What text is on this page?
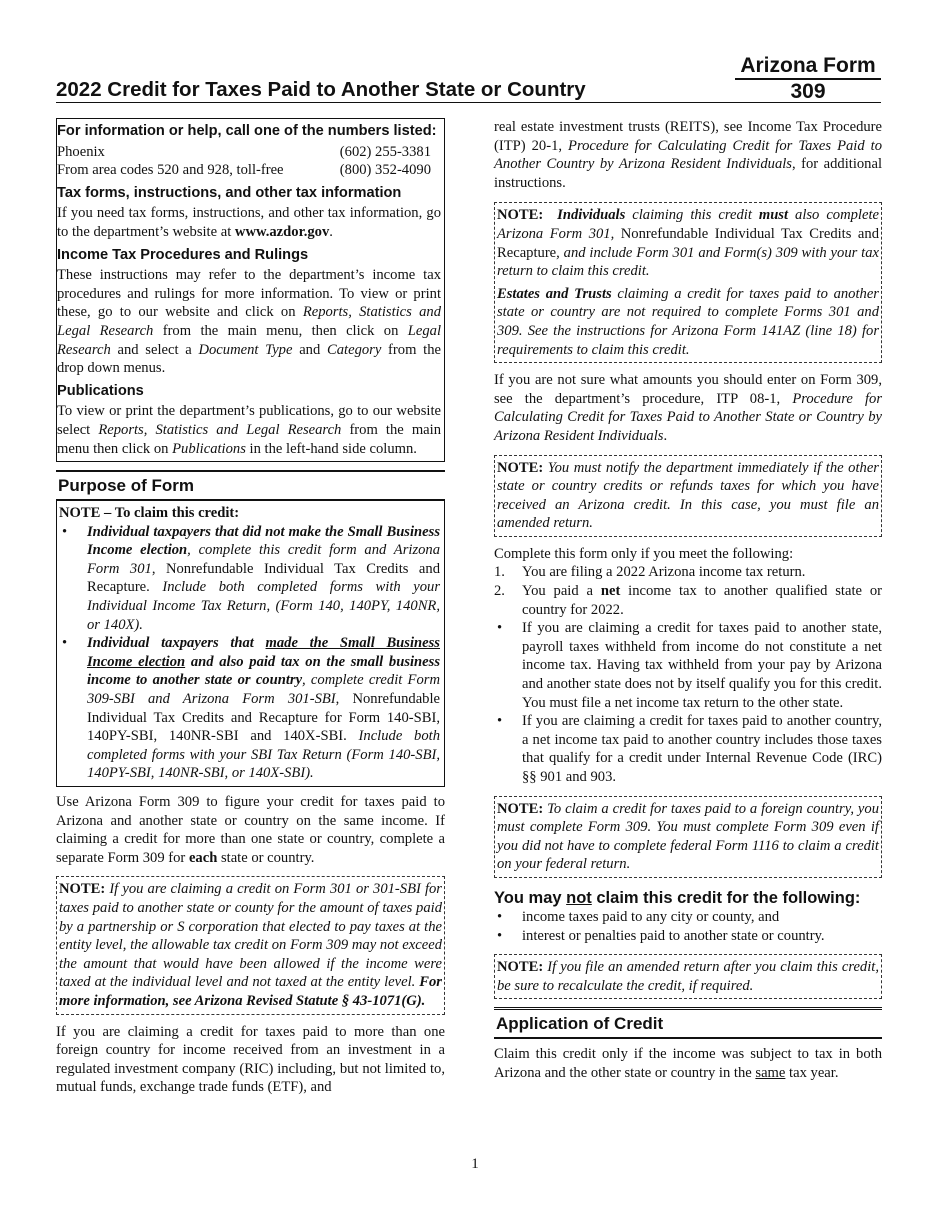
Arizona Form
309
2022 Credit for Taxes Paid to Another State or Country
For information or help, call one of the numbers listed:
Phoenix	(602) 255-3381
From area codes 520 and 928, toll-free	(800) 352-4090
Tax forms, instructions, and other tax information

If you need tax forms, instructions, and other tax information, go to the department’s website at www.azdor.gov.

Income Tax Procedures and Rulings

These instructions may refer to the department’s income tax procedures and rulings for more information. To view or print these, go to our website and click on Reports, Statistics and Legal Research from the main menu, then click on Legal Research and select a Document Type and Category from the drop down menus.

Publications

To view or print the department’s publications, go to our website select Reports, Statistics and Legal Research from the main menu then click on Publications in the left-hand side column.

Purpose of Form

NOTE – To claim this credit:

• Individual taxpayers that did not make the Small Business Income election, complete this credit form and Arizona Form 301, Nonrefundable Individual Tax Credits and Recapture. Include both completed forms with your Individual Income Tax Return, (Form 140, 140PY, 140NR, or 140X).
• Individual taxpayers that made the Small Business Income election and also paid tax on the small business income to another state or country, complete credit Form 309-SBI and Arizona Form 301-SBI, Nonrefundable Individual Tax Credits and Recapture for Form 140-SBI, 140PY-SBI, 140NR-SBI and 140X-SBI. Include both completed forms with your SBI Tax Return (Form 140-SBI, 140PY-SBI, 140NR-SBI, or 140X-SBI).

Use Arizona Form 309 to figure your credit for taxes paid to Arizona and another state or country on the same income. If claiming a credit for more than one state or country, complete a separate Form 309 for each state or country.

NOTE: If you are claiming a credit on Form 301 or 301-SBI for taxes paid to another state or county for the amount of taxes paid by a partnership or S corporation that elected to pay taxes at the entity level, the allowable tax credit on Form 309 may not exceed the amount that would have been allowed if the income were taxed at the individual level and not taxed at the entity level. For more information, see Arizona Revised Statute § 43-1071(G).

If you are claiming a credit for taxes paid to more than one foreign country for income received from an investment in a regulated investment company (RIC) including, but not limited to, mutual funds, exchange trade funds (ETF), and

real estate investment trusts (REITS), see Income Tax Procedure (ITP) 20-1, Procedure for Calculating Credit for Taxes Paid to Another Country by Arizona Resident Individuals, for additional instructions.

NOTE: Individuals claiming this credit must also complete Arizona Form 301, Nonrefundable Individual Tax Credits and Recapture, and include Form 301 and Form(s) 309 with your tax return to claim this credit.

Estates and Trusts claiming a credit for taxes paid to another state or country are not required to complete Forms 301 and 309. See the instructions for Arizona Form 141AZ (line 18) for requirements to claim this credit.

If you are not sure what amounts you should enter on Form 309, see the department’s procedure, ITP 08-1, Procedure for Calculating Credit for Taxes Paid to Another State or Country by Arizona Resident Individuals.

NOTE: You must notify the department immediately if the other state or country credits or refunds taxes for which you have received an Arizona credit. In this case, you must file an amended return.

Complete this form only if you meet the following:

1. You are filing a 2022 Arizona income tax return.
2. You paid a net income tax to another qualified state or country for 2022.
• If you are claiming a credit for taxes paid to another state, payroll taxes withheld from income do not constitute a net income tax. Having tax withheld from your pay by Arizona and another state does not by itself qualify you for this credit. You must file a net income tax return to the other state.
• If you are claiming a credit for taxes paid to another country, a net income tax paid to another country includes those taxes that qualify for a credit under Internal Revenue Code (IRC) §§ 901 and 903.
NOTE: To claim a credit for taxes paid to a foreign country, you must complete Form 309. You must complete Form 309 even if you did not have to complete federal Form 1116 to claim a credit on your federal return.
You may not claim this credit for the following:
• income taxes paid to any city or county, and
• interest or penalties paid to another state or country.
NOTE: If you file an amended return after you claim this credit, be sure to recalculate the credit, if required.
Application of Credit

Claim this credit only if the income was subject to tax in both Arizona and the other state or country in the same tax year.

1
